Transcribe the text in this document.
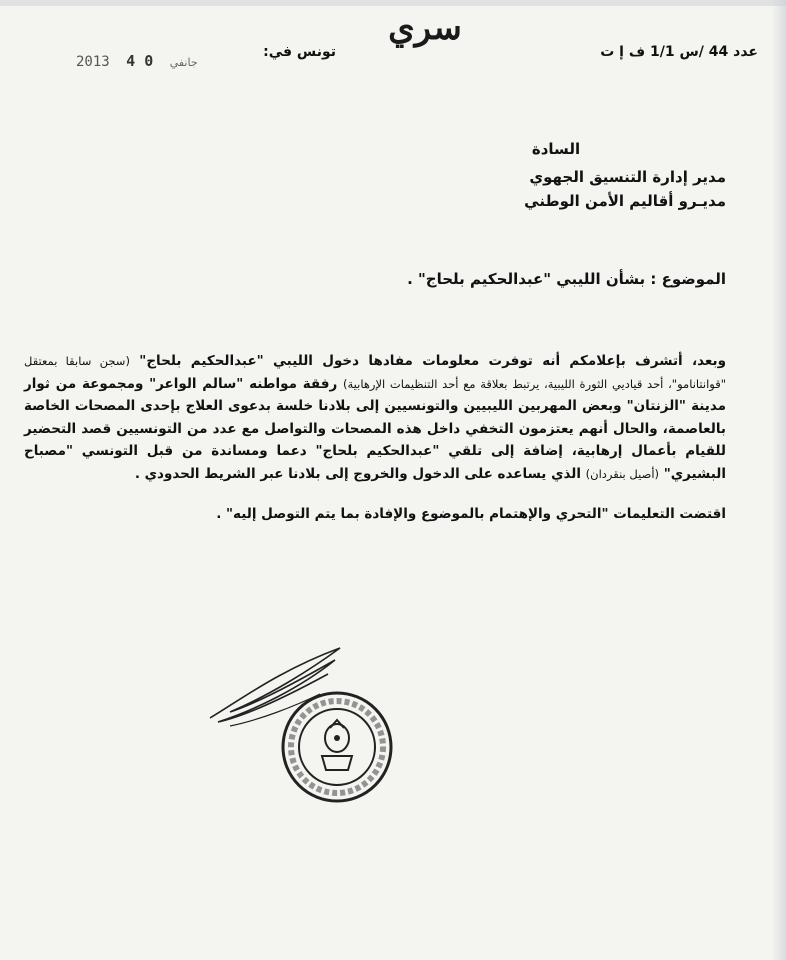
سري
عدد 44 /س 1/1 ف إ ت
تونس في:
2013	جانفي 0 4
السادة
مدير إدارة التنسيق الجهوي
مديـرو أقاليم الأمن الوطني
الموضوع : بشأن الليبي "عبدالحكيم بلحاج" .

وبعد، أتشرف بإعلامكم أنه توفرت معلومات مفادها دخول الليبي "عبدالحكيم بلحاج" (سجن سابقا بمعتقل "قوانتانامو"، أحد قياديي الثورة الليبية، يرتبط بعلاقة مع أحد التنظيمات الإرهابية) رفقة مواطنه "سالم الواعر" ومجموعة من ثوار مدينة "الزنتان" وبعض المهربين الليبيين والتونسيين إلى بلادنا خلسة بدعوى العلاج بإحدى المصحات الخاصة بالعاصمة، والحال أنهم يعتزمون التخفي داخل هذه المصحات والتواصل مع عدد من التونسيين قصد التحضير للقيام بأعمال إرهابية، إضافة إلى تلقي "عبدالحكيم بلحاج" دعما ومساندة من قبل التونسي "مصباح البشيري" (أصيل بنقردان) الذي يساعده على الدخول والخروج إلى بلادنا عبر الشريط الحدودي .

اقتضت التعليمات "التحري والإهتمام بالموضوع والإفادة بما يتم التوصل إليه" .
